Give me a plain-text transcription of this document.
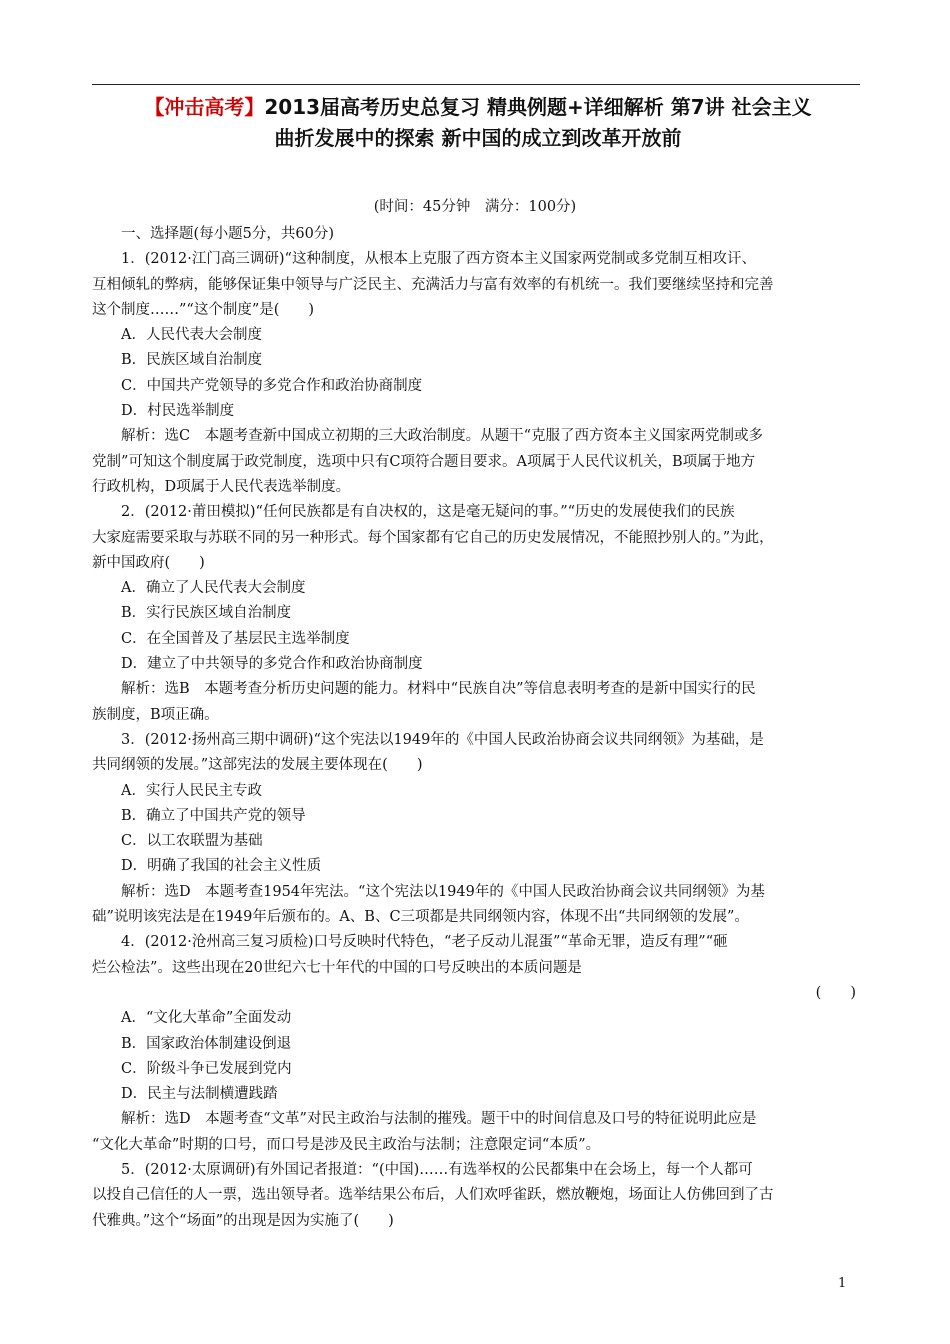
【冲击高考】2013届高考历史总复习 精典例题+详细解析 第7讲 社会主义
曲折发展中的探索 新中国的成立到改革开放前
(时间：45分钟　满分：100分)
一、选择题(每小题5分，共60分)
1．(2012·江门高三调研)“这种制度，从根本上克服了西方资本主义国家两党制或多党制互相攻讦、
互相倾轧的弊病，能够保证集中领导与广泛民主、充满活力与富有效率的有机统一。我们要继续坚持和完善
这个制度……”“这个制度”是(　　)
A．人民代表大会制度
B．民族区域自治制度
C．中国共产党领导的多党合作和政治协商制度
D．村民选举制度
解析：选C　本题考查新中国成立初期的三大政治制度。从题干“克服了西方资本主义国家两党制或多
党制”可知这个制度属于政党制度，选项中只有C项符合题目要求。A项属于人民代议机关，B项属于地方
行政机构，D项属于人民代表选举制度。
2．(2012·莆田模拟)“任何民族都是有自决权的，这是毫无疑问的事。”“历史的发展使我们的民族
大家庭需要采取与苏联不同的另一种形式。每个国家都有它自己的历史发展情况，不能照抄别人的。”为此，
新中国政府(　　)
A．确立了人民代表大会制度
B．实行民族区域自治制度
C．在全国普及了基层民主选举制度
D．建立了中共领导的多党合作和政治协商制度
解析：选B　本题考查分析历史问题的能力。材料中“民族自决”等信息表明考查的是新中国实行的民
族制度，B项正确。
3．(2012·扬州高三期中调研)“这个宪法以1949年的《中国人民政治协商会议共同纲领》为基础，是
共同纲领的发展。”这部宪法的发展主要体现在(　　)
A．实行人民民主专政
B．确立了中国共产党的领导
C．以工农联盟为基础
D．明确了我国的社会主义性质
解析：选D　本题考查1954年宪法。“这个宪法以1949年的《中国人民政治协商会议共同纲领》为基
础”说明该宪法是在1949年后颁布的。A、B、C三项都是共同纲领内容，体现不出“共同纲领的发展”。
4．(2012·沧州高三复习质检)口号反映时代特色，“老子反动儿混蛋”“革命无罪，造反有理”“砸
烂公检法”。这些出现在20世纪六七十年代的中国的口号反映出的本质问题是
(　　)
A．“文化大革命”全面发动
B．国家政治体制建设倒退
C．阶级斗争已发展到党内
D．民主与法制横遭践踏
解析：选D　本题考查“文革”对民主政治与法制的摧残。题干中的时间信息及口号的特征说明此应是
“文化大革命”时期的口号，而口号是涉及民主政治与法制；注意限定词“本质”。
5．(2012·太原调研)有外国记者报道：“(中国)……有选举权的公民都集中在会场上，每一个人都可
以投自己信任的人一票，选出领导者。选举结果公布后，人们欢呼雀跃，燃放鞭炮，场面让人仿佛回到了古
代雅典。”这个“场面”的出现是因为实施了(　　)
1
